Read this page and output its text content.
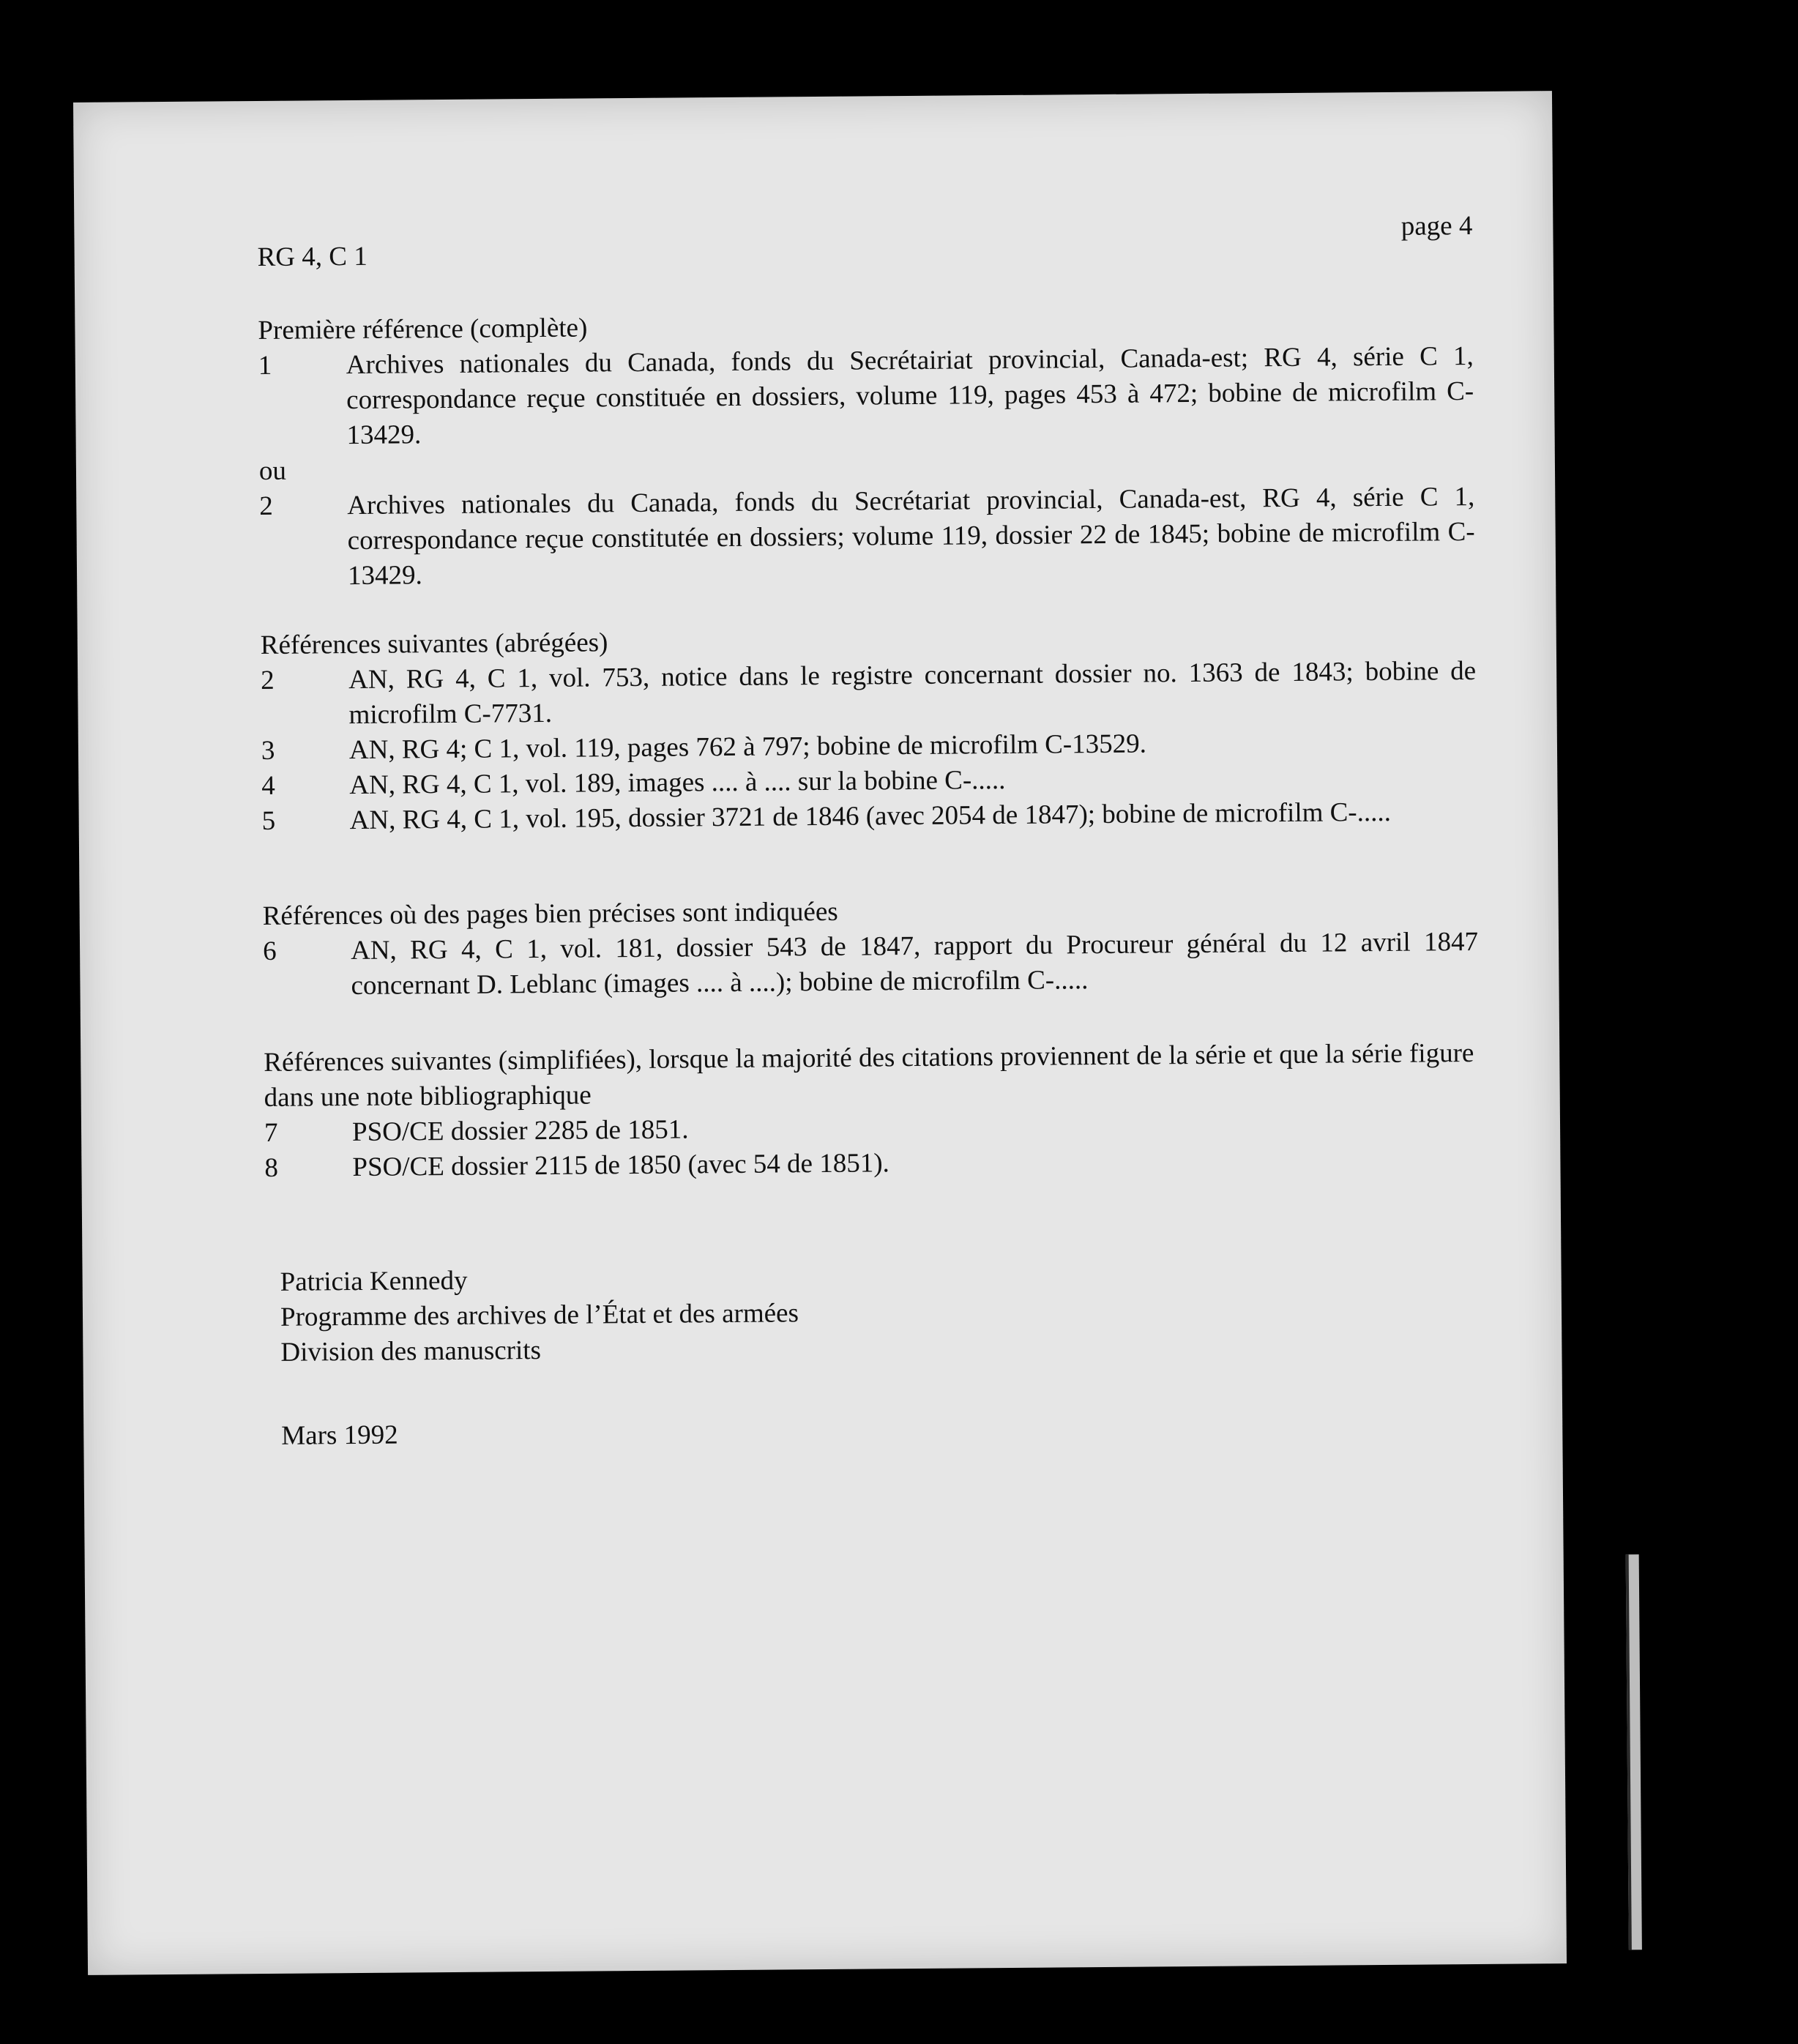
RG 4, C 1
page 4
Première référence (complète)
1	Archives nationales du Canada, fonds du Secrétairiat provincial, Canada-est; RG 4, série C 1, correspondance reçue constituée en dossiers, volume 119, pages 453 à 472; bobine de microfilm C-13429.
ou
2	Archives nationales du Canada, fonds du Secrétariat provincial, Canada-est, RG 4, série C 1, correspondance reçue constitutée en dossiers; volume 119, dossier 22 de 1845; bobine de microfilm C-13429.
Références suivantes (abrégées)
2	AN, RG 4, C 1, vol. 753, notice dans le registre concernant dossier no. 1363 de 1843; bobine de microfilm C-7731.
3	AN, RG 4; C 1, vol. 119, pages 762 à 797; bobine de microfilm C-13529.
4	AN, RG 4, C 1, vol. 189, images .... à .... sur la bobine C-.....
5	AN, RG 4, C 1, vol. 195, dossier 3721 de 1846 (avec 2054 de 1847); bobine de microfilm C-.....
Références où des pages bien précises sont indiquées
6	AN, RG 4, C 1, vol. 181, dossier 543 de 1847, rapport du Procureur général du 12 avril 1847 concernant D. Leblanc (images .... à ....); bobine de microfilm C-.....
Références suivantes (simplifiées), lorsque la majorité des citations proviennent de la série et que la série figure dans une note bibliographique
7	PSO/CE dossier 2285 de 1851.
8	PSO/CE dossier 2115 de 1850 (avec 54 de 1851).
Patricia Kennedy
Programme des archives de l’État et des armées
Division des manuscrits
Mars 1992
